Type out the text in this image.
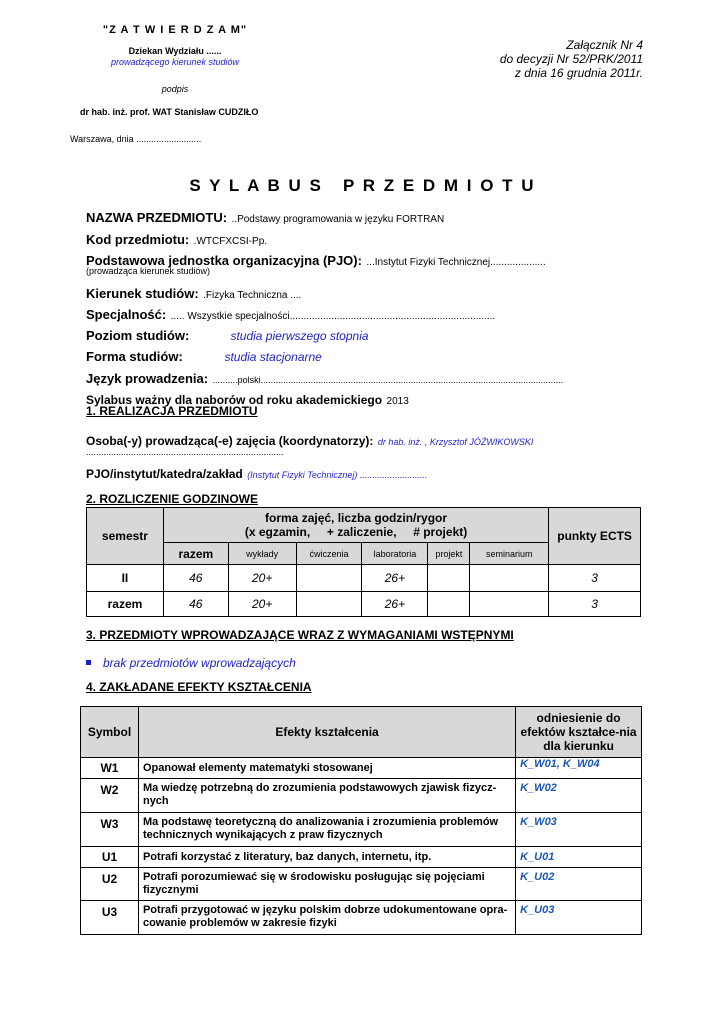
"Z A T W I E R D Z A M"
Dziekan Wydziału ......
prowadzącego kierunek studiów
podpis
dr hab. inż. prof. WAT Stanisław CUDZIŁO
Warszawa, dnia ..........................
Załącznik Nr 4
do decyzji Nr 52/PRK/2011
z dnia 16 grudnia 2011r.
S Y L A B U S   P R Z E D M I O T U
NAZWA PRZEDMIOTU: ..Podstawy programowania w języku FORTRAN
Kod przedmiotu: .WTCFXCSI-Pp.
Podstawowa jednostka organizacyjna (PJO): ...Instytut Fizyki Technicznej....................
(prowadząca kierunek studiów)
Kierunek studiów: .Fizyka Techniczna ....
Specjalność: ..... Wszystkie specjalności..........................................................................
Poziom studiów:	studia pierwszego stopnia
Forma studiów:	studia stacjonarne
Język prowadzenia: ..........polski.........................................................................................................................
Sylabus ważny dla naborów od roku akademickiego 2013
1. REALIZACJA PRZEDMIOTU
Osoba(-y) prowadząca(-e) zajęcia (koordynatorzy): dr hab. inż. , Krzysztof JÓŹWIKOWSKI
...............................................................................
PJO/instytut/katedra/zakład (Instytut Fizyki Technicznej) ...........................
2. ROZLICZENIE GODZINOWE
semestr	forma zajęć, liczba godzin/rygor
(x egzamin,     + zaliczenie,     # projekt)						punkty ECTS
	razem	wykłady	ćwiczenia	laboratoria	projekt	seminarium	
II	46	20+		26+			3
razem	46	20+		26+			3
3. PRZEDMIOTY WPROWADZAJĄCE WRAZ Z WYMAGANIAMI WSTĘPNYMI
brak przedmiotów wprowadzających
4. ZAKŁADANE EFEKTY KSZTAŁCENIA
Symbol	Efekty kształcenia	odniesienie do efektów kształce-nia dla kierunku
W1	Opanował elementy matematyki stosowanej	K_W01, K_W04
W2	Ma wiedzę potrzebną do zrozumienia podstawowych zjawisk fizycz-nych	K_W02
W3	Ma podstawę teoretyczną do analizowania i zrozumienia problemów technicznych wynikających z praw fizycznych	K_W03
U1	Potrafi korzystać z literatury, baz danych, internetu, itp.	K_U01
U2	Potrafi porozumiewać się w środowisku posługując się pojęciami fizycznymi	K_U02
U3	Potrafi przygotować w języku polskim dobrze udokumentowane opra-cowanie problemów w zakresie fizyki	K_U03
